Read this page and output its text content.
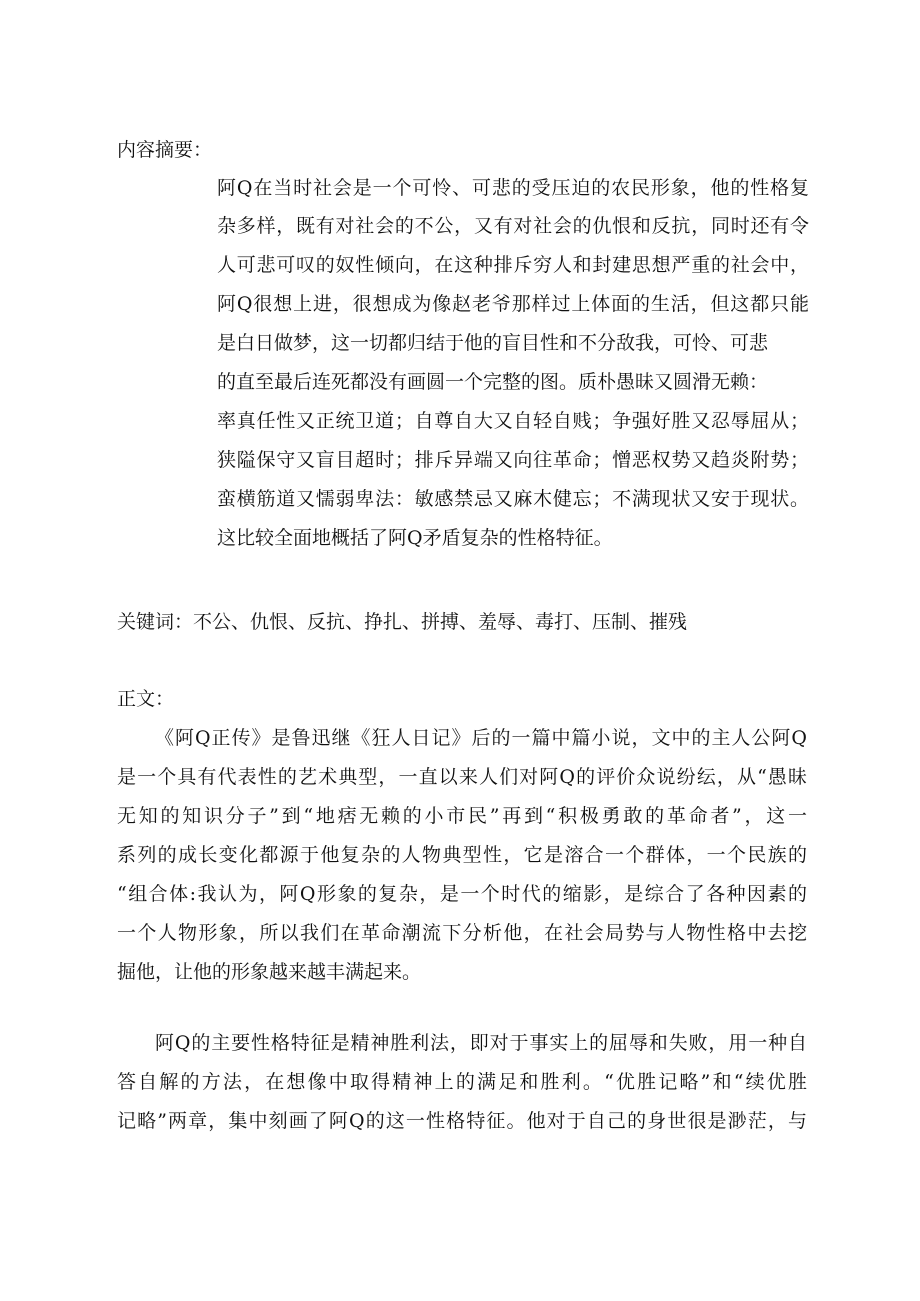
内容摘要：
阿Q在当时社会是一个可怜、可悲的受压迫的农民形象，他的性格复
杂多样，既有对社会的不公，又有对社会的仇恨和反抗，同时还有令
人可悲可叹的奴性倾向，在这种排斥穷人和封建思想严重的社会中，
阿Q很想上进，很想成为像赵老爷那样过上体面的生活，但这都只能
是白日做梦，这一切都归结于他的盲目性和不分敌我，可怜、可悲
的直至最后连死都没有画圆一个完整的图。质朴愚昧又圆滑无赖：
率真任性又正统卫道；自尊自大又自轻自贱；争强好胜又忍辱屈从；
狭隘保守又盲目超时；排斥异端又向往革命；憎恶权势又趋炎附势；
蛮横筋道又懦弱卑法：敏感禁忌又麻木健忘；不满现状又安于现状。
这比较全面地概括了阿Q矛盾复杂的性格特征。
关键词：不公、仇恨、反抗、挣扎、拼搏、羞辱、毒打、压制、摧残
正文：
《阿Q正传》是鲁迅继《狂人日记》后的一篇中篇小说，文中的主人公阿Q
是一个具有代表性的艺术典型，一直以来人们对阿Q的评价众说纷纭，从“愚昧
无知的知识分子”到“地痞无赖的小市民”再到“积极勇敢的革命者”，这一
系列的成长变化都源于他复杂的人物典型性，它是溶合一个群体，一个民族的
“组合体:我认为，阿Q形象的复杂，是一个时代的缩影，是综合了各种因素的
一个人物形象，所以我们在革命潮流下分析他，在社会局势与人物性格中去挖
掘他，让他的形象越来越丰满起来。
阿Q的主要性格特征是精神胜利法，即对于事实上的屈辱和失败，用一种自
答自解的方法，在想像中取得精神上的满足和胜利。“优胜记略”和“续优胜
记略”两章，集中刻画了阿Q的这一性格特征。他对于自己的身世很是渺茫，与
